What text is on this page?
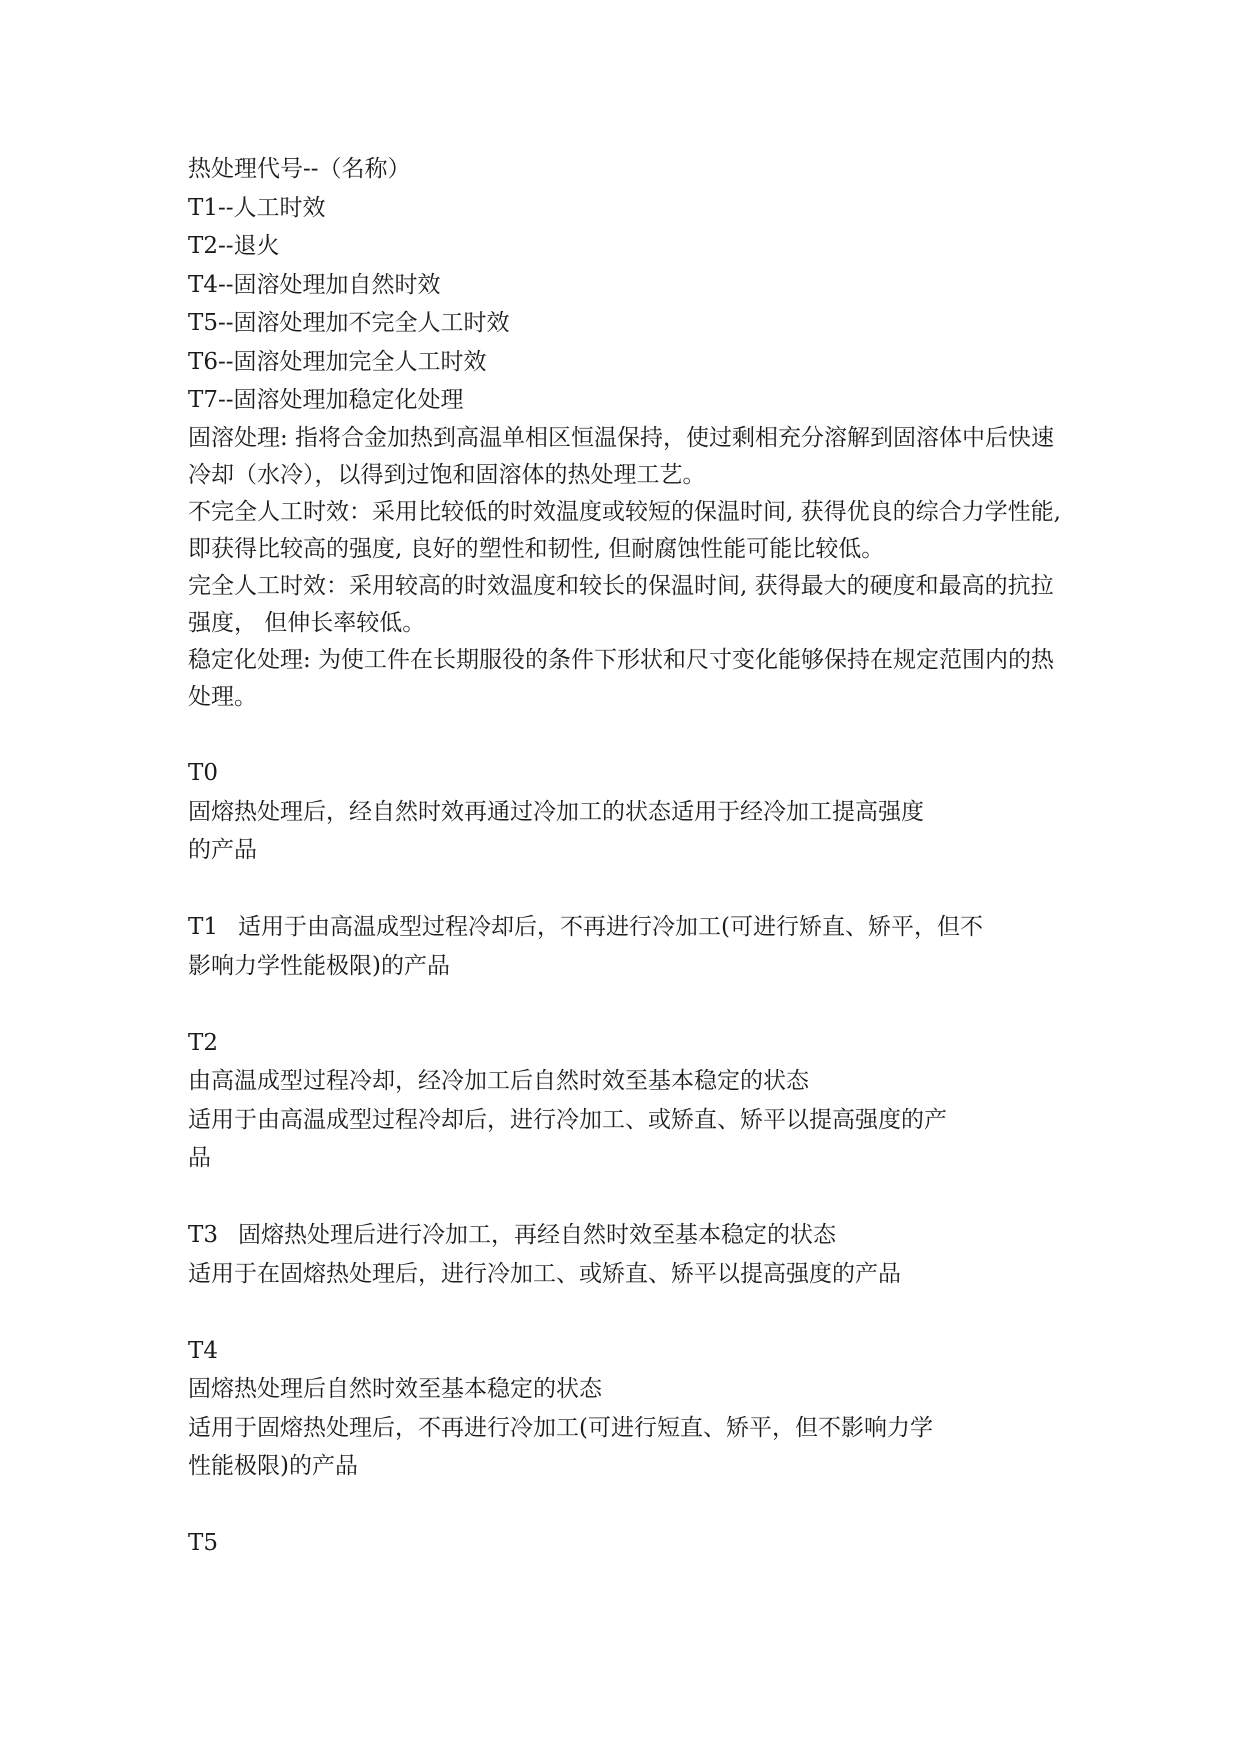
热处理代号--（名称）
T1--人工时效
T2--退火
T4--固溶处理加自然时效
T5--固溶处理加不完全人工时效
T6--固溶处理加完全人工时效
T7--固溶处理加稳定化处理

固溶处理: 指将合金加热到高温单相区恒温保持，使过剩相充分溶解到固溶体中后快速冷却（水冷），以得到过饱和固溶体的热处理工艺。

不完全人工时效：采用比较低的时效温度或较短的保温时间, 获得优良的综合力学性能, 即获得比较高的强度, 良好的塑性和韧性, 但耐腐蚀性能可能比较低。

完全人工时效：采用较高的时效温度和较长的保温时间, 获得最大的硬度和最高的抗拉强度， 但伸长率较低。

稳定化处理: 为使工件在长期服役的条件下形状和尺寸变化能够保持在规定范围内的热处理。

T0
固熔热处理后，经自然时效再通过冷加工的状态适用于经冷加工提高强度
的产品
T1 适用于由高温成型过程冷却后，不再进行冷加工(可进行矫直、矫平，但不
影响力学性能极限)的产品
T2
由高温成型过程冷却，经冷加工后自然时效至基本稳定的状态
适用于由高温成型过程冷却后，进行冷加工、或矫直、矫平以提高强度的产
品
T3 固熔热处理后进行冷加工，再经自然时效至基本稳定的状态
适用于在固熔热处理后，进行冷加工、或矫直、矫平以提高强度的产品
T4
固熔热处理后自然时效至基本稳定的状态
适用于固熔热处理后，不再进行冷加工(可进行短直、矫平，但不影响力学
性能极限)的产品
T5
